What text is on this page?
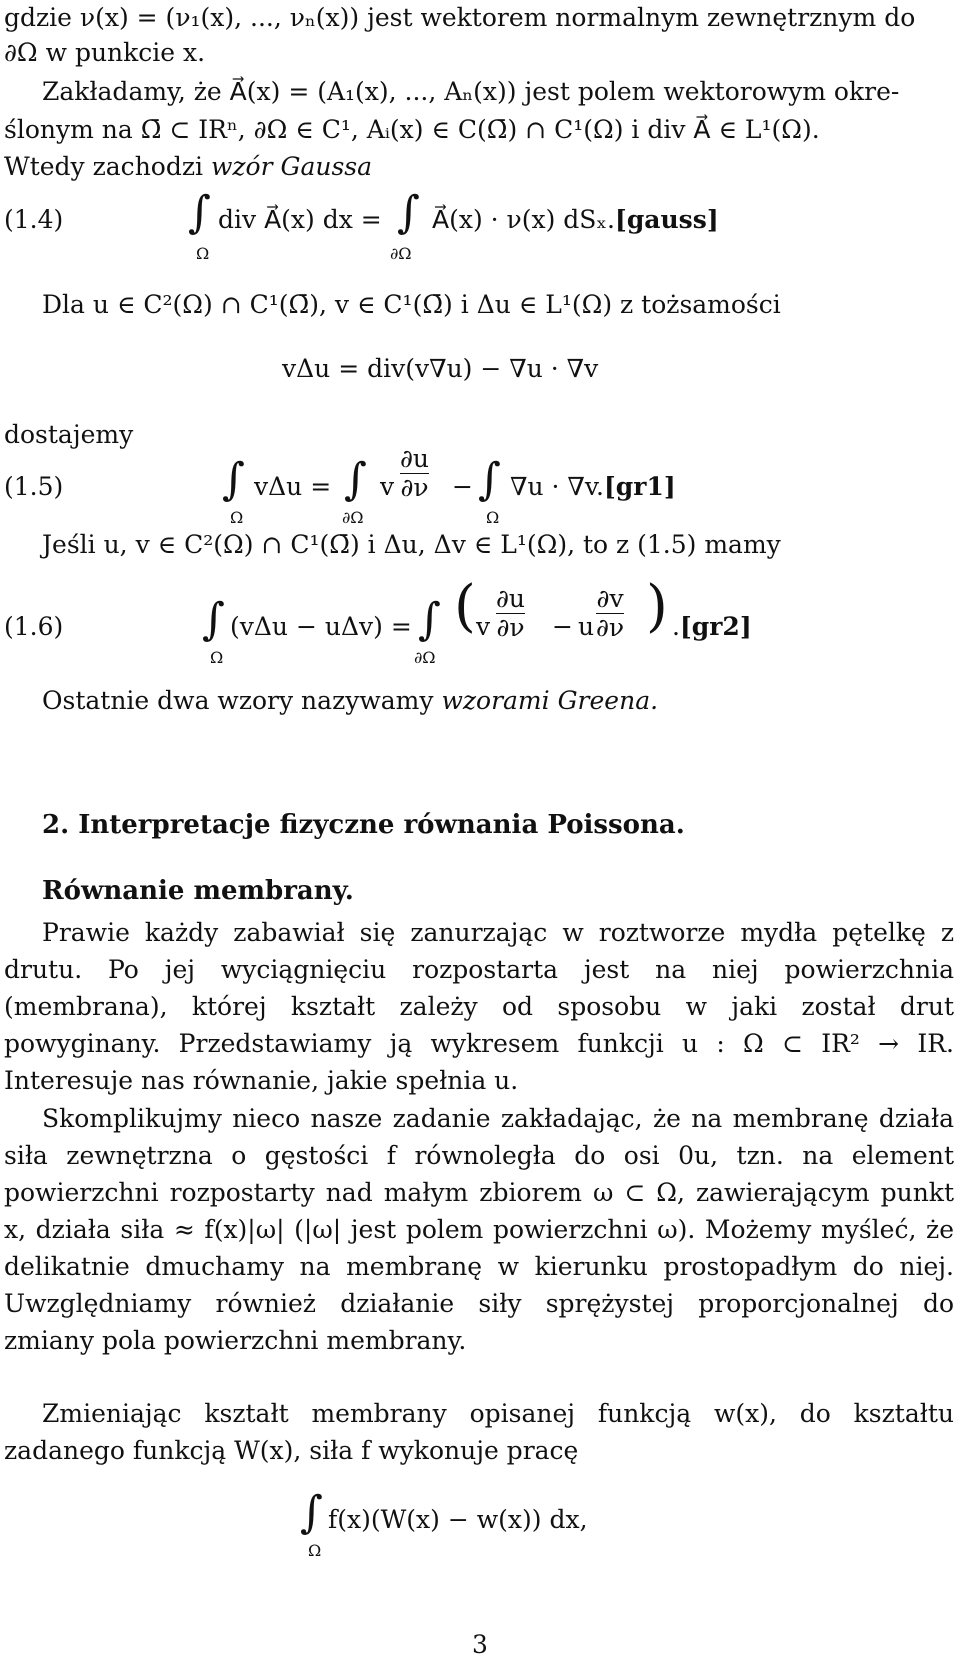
gdzie ν(x) = (ν₁(x), ..., νₙ(x)) jest wektorem normalnym zewnętrznym do
∂Ω w punkcie x.
Zakładamy, że A⃗(x) = (A₁(x), ..., Aₙ(x)) jest polem wektorowym okre-
ślonym na Ω̄ ⊂ IRⁿ, ∂Ω ∈ C¹, Aᵢ(x) ∈ C(Ω̄) ∩ C¹(Ω) i div A⃗ ∈ L¹(Ω).
Wtedy zachodzi wzór Gaussa
(1.4)	∫
Ω
div A⃗(x) dx = ∫
∂Ω
A⃗(x) · ν(x) dSₓ.[gauss]
Dla u ∈ C²(Ω) ∩ C¹(Ω̄), v ∈ C¹(Ω̄) i Δu ∈ L¹(Ω) z tożsamości
vΔu = div(v∇u) − ∇u · ∇v
dostajemy
(1.5)	∫
Ω
vΔu = ∫
∂Ω
v $\frac{\partial u}{\partial\nu}$ − ∫
Ω
∇u · ∇v.[gr1]
Jeśli u, v ∈ C²(Ω) ∩ C¹(Ω̄) i Δu, Δv ∈ L¹(Ω), to z (1.5) mamy
(1.6)	∫
Ω
(vΔu − uΔv) = ∫
∂Ω
( v $\frac{\partial u}{\partial\nu} - u \frac{\partial v}{\partial\nu}$ ) .[gr2]
Ostatnie dwa wzory nazywamy wzorami Greena.
2. Interpretacje fizyczne równania Poissona.
Równanie membrany.
Prawie każdy zabawiał się zanurzając w roztworze mydła pętelkę z drutu. Po jej wyciągnięciu rozpostarta jest na niej powierzchnia (membrana), której kształt zależy od sposobu w jaki został drut powyginany. Przedstawiamy ją wykresem funkcji u : Ω ⊂ IR² → IR. Interesuje nas równanie, jakie spełnia u.
Skomplikujmy nieco nasze zadanie zakładając, że na membranę działa siła zewnętrzna o gęstości f równoległa do osi 0u, tzn. na element powierzchni rozpostarty nad małym zbiorem ω ⊂ Ω, zawierającym punkt x, działa siła ≈ f(x)|ω| (|ω| jest polem powierzchni ω). Możemy myśleć, że delikatnie dmuchamy na membranę w kierunku prostopadłym do niej. Uwzględniamy również działanie siły sprężystej proporcjonalnej do zmiany pola powierzchni membrany.
Zmieniając kształt membrany opisanej funkcją w(x), do kształtu zadanego funkcją W(x), siła f wykonuje pracę
∫
Ω
f(x)(W(x) − w(x)) dx,
3
